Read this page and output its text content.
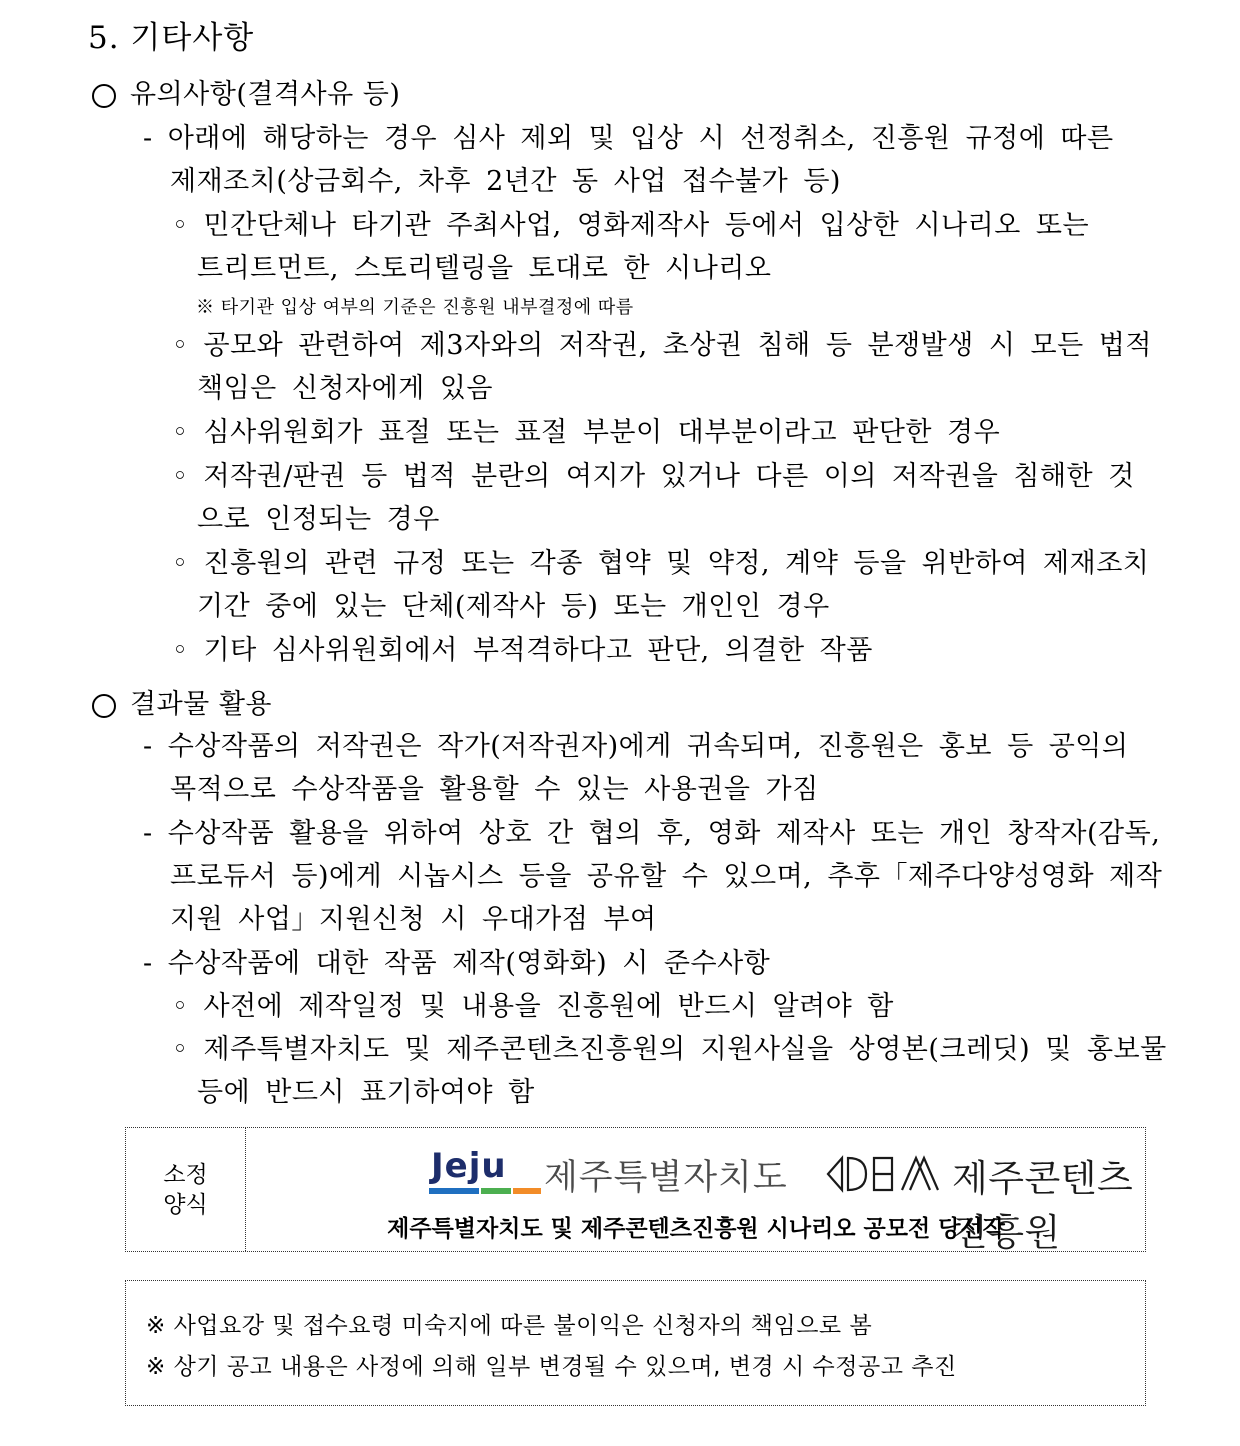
5. 기타사항
유의사항(결격사유 등)
- 아래에 해당하는 경우 심사 제외 및 입상 시 선정취소, 진흥원 규정에 따른
제재조치(상금회수, 차후 2년간 동 사업 접수불가 등)
◦ 민간단체나 타기관 주최사업, 영화제작사 등에서 입상한 시나리오 또는
트리트먼트, 스토리텔링을 토대로 한 시나리오
※ 타기관 입상 여부의 기준은 진흥원 내부결정에 따름
◦ 공모와 관련하여 제3자와의 저작권, 초상권 침해 등 분쟁발생 시 모든 법적
책임은 신청자에게 있음
◦ 심사위원회가 표절 또는 표절 부분이 대부분이라고 판단한 경우
◦ 저작권/판권 등 법적 분란의 여지가 있거나 다른 이의 저작권을 침해한 것
으로 인정되는 경우
◦ 진흥원의 관련 규정 또는 각종 협약 및 약정, 계약 등을 위반하여 제재조치
기간 중에 있는 단체(제작사 등) 또는 개인인 경우
◦ 기타 심사위원회에서 부적격하다고 판단, 의결한 작품
결과물 활용
- 수상작품의 저작권은 작가(저작권자)에게 귀속되며, 진흥원은 홍보 등 공익의
목적으로 수상작품을 활용할 수 있는 사용권을 가짐
- 수상작품 활용을 위하여 상호 간 협의 후, 영화 제작사 또는 개인 창작자(감독,
프로듀서 등)에게 시놉시스 등을 공유할 수 있으며, 추후「제주다양성영화 제작
지원 사업」지원신청 시 우대가점 부여
- 수상작품에 대한 작품 제작(영화화) 시 준수사항
◦ 사전에 제작일정 및 내용을 진흥원에 반드시 알려야 함
◦ 제주특별자치도 및 제주콘텐츠진흥원의 지원사실을 상영본(크레딧) 및 홍보물
등에 반드시 표기하여야 함
소정
양식
Jeju 제주특별자치도	제주콘텐츠진흥원
제주특별자치도 및 제주콘텐츠진흥원 시나리오 공모전 당선작
※ 사업요강 및 접수요령 미숙지에 따른 불이익은 신청자의 책임으로 봄
※ 상기 공고 내용은 사정에 의해 일부 변경될 수 있으며, 변경 시 수정공고 추진
